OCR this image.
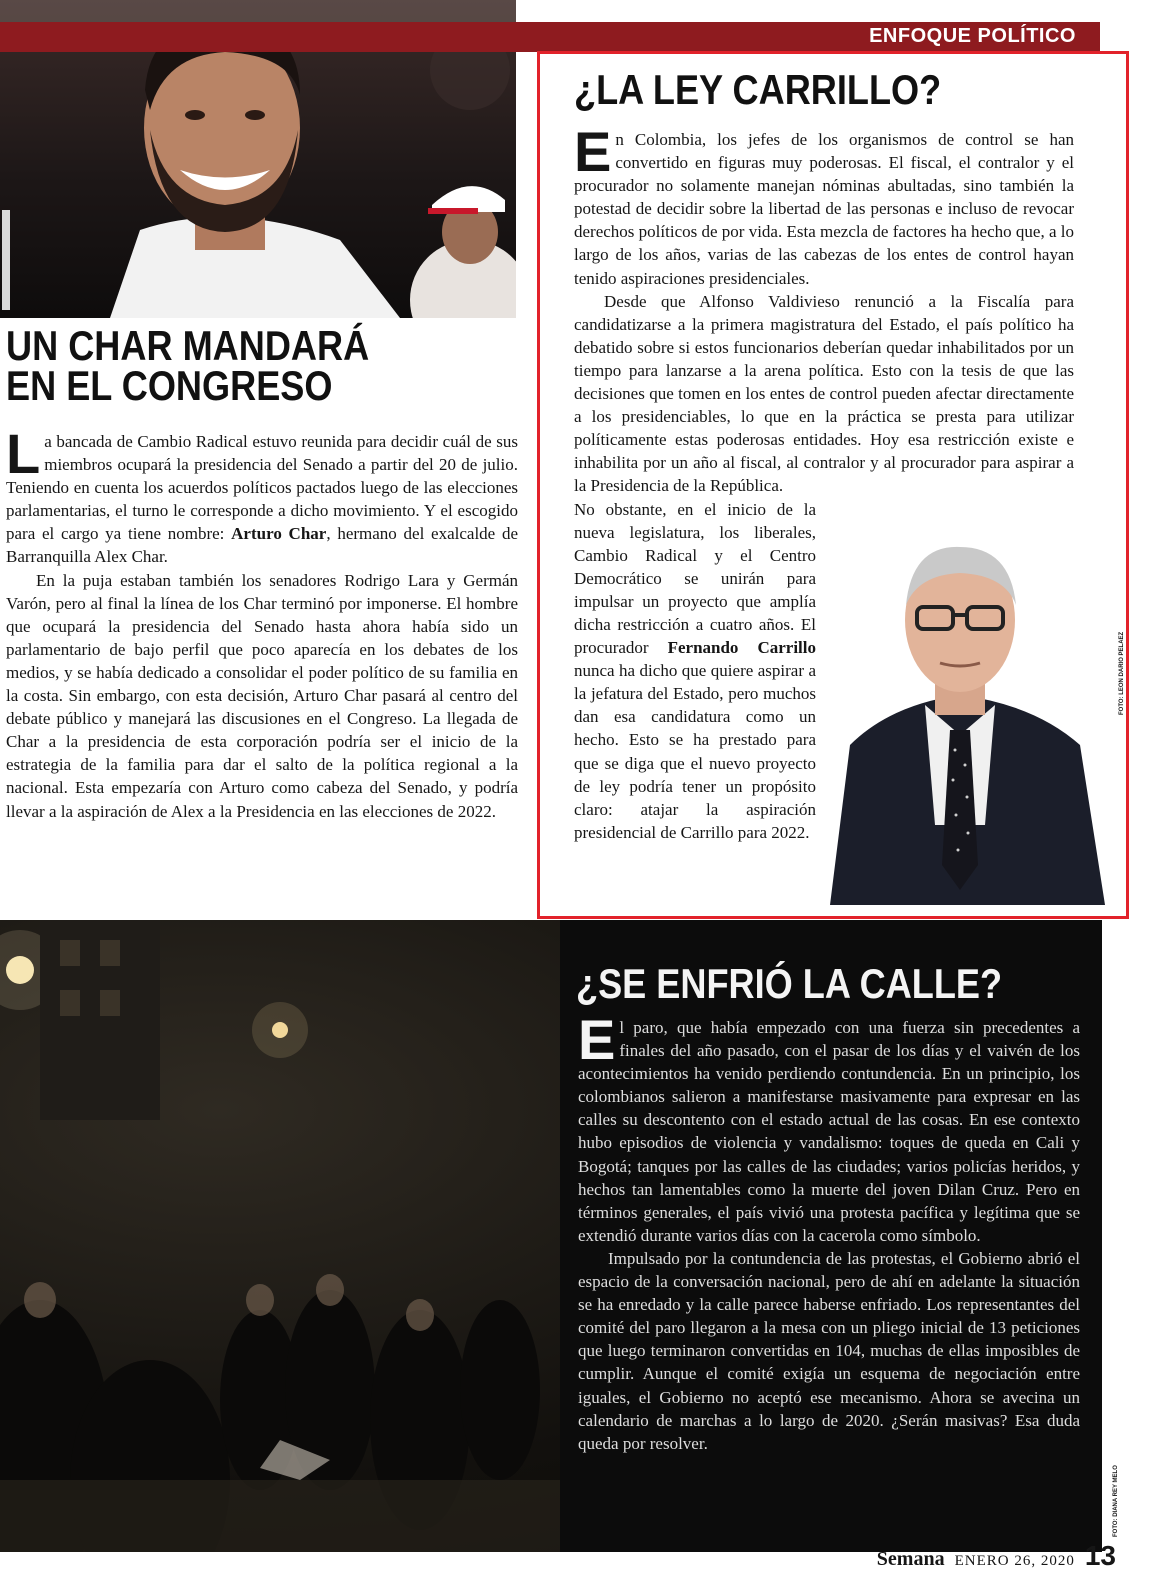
ENFOQUE POLÍTICO
UN CHAR MANDARÁ
EN EL CONGRESO

La bancada de Cambio Radical estuvo reunida para decidir cuál de sus miembros ocupará la presidencia del Senado a partir del 20 de julio. Teniendo en cuenta los acuerdos políticos pactados luego de las elecciones parlamentarias, el turno le corresponde a dicho movimiento. Y el escogido para el cargo ya tiene nombre: Arturo Char, hermano del exalcalde de Barranquilla Alex Char.

En la puja estaban también los senadores Rodrigo Lara y Germán Varón, pero al final la línea de los Char terminó por imponerse. El hombre que ocupará la presidencia del Senado hasta ahora había sido un parlamentario de bajo perfil que poco aparecía en los debates de los medios, y se había dedicado a consolidar el poder político de su familia en la costa. Sin embargo, con esta decisión, Arturo Char pasará al centro del debate público y manejará las discusiones en el Congreso. La llegada de Char a la presidencia de esta corporación podría ser el inicio de la estrategia de la familia para dar el salto de la política regional a la nacional. Esta empezaría con Arturo como cabeza del Senado, y podría llevar a la aspiración de Alex a la Presidencia en las elecciones de 2022.

¿LA LEY CARRILLO?
FOTO: LEON DARIO PELAEZ

En Colombia, los jefes de los organismos de control se han convertido en figuras muy poderosas. El fiscal, el contralor y el procurador no solamente manejan nóminas abultadas, sino también la potestad de decidir sobre la libertad de las personas e incluso de revocar derechos políticos de por vida. Esta mezcla de factores ha hecho que, a lo largo de los años, varias de las cabezas de los entes de control hayan tenido aspiraciones presidenciales.

Desde que Alfonso Valdivieso renunció a la Fiscalía para candidatizarse a la primera magistratura del Estado, el país político ha debatido sobre si estos funcionarios deberían quedar inhabilitados por un tiempo para lanzarse a la arena política. Esto con la tesis de que las decisiones que tomen en los entes de control pueden afectar directamente a los presidenciables, lo que en la práctica se presta para utilizar políticamente estas poderosas entidades. Hoy esa restricción existe e inhabilita por un año al fiscal, al contralor y al procurador para aspirar a la Presidencia de la República.

No obstante, en el inicio de la nueva legislatura, los liberales, Cambio Radical y el Centro Democrático se unirán para impulsar un proyecto que amplía dicha restricción a cuatro años. El procurador Fernando Carrillo nunca ha dicho que quiere aspirar a la jefatura del Estado, pero muchos dan esa candidatura como un hecho. Esto se ha prestado para que se diga que el nuevo proyecto de ley podría tener un propósito claro: atajar la aspiración presidencial de Carrillo para 2022.

¿SE ENFRIÓ LA CALLE?

El paro, que había empezado con una fuerza sin precedentes a finales del año pasado, con el pasar de los días y el vaivén de los acontecimientos ha venido perdiendo contundencia. En un principio, los colombianos salieron a manifestarse masivamente para expresar en las calles su descontento con el estado actual de las cosas. En ese contexto hubo episodios de violencia y vandalismo: toques de queda en Cali y Bogotá; tanques por las calles de las ciudades; varios policías heridos, y hechos tan lamentables como la muerte del joven Dilan Cruz. Pero en términos generales, el país vivió una protesta pacífica y legítima que se extendió durante varios días con la cacerola como símbolo.

Impulsado por la contundencia de las protestas, el Gobierno abrió el espacio de la conversación nacional, pero de ahí en adelante la situación se ha enredado y la calle parece haberse enfriado. Los representantes del comité del paro llegaron a la mesa con un pliego inicial de 13 peticiones que luego terminaron convertidas en 104, muchas de ellas imposibles de cumplir. Aunque el comité exigía un esquema de negociación entre iguales, el Gobierno no aceptó ese mecanismo. Ahora se avecina un calendario de marchas a lo largo de 2020. ¿Serán masivas? Esa duda queda por resolver.

FOTO: DIANA REY MELO
Semana ENERO 26, 2020 13
